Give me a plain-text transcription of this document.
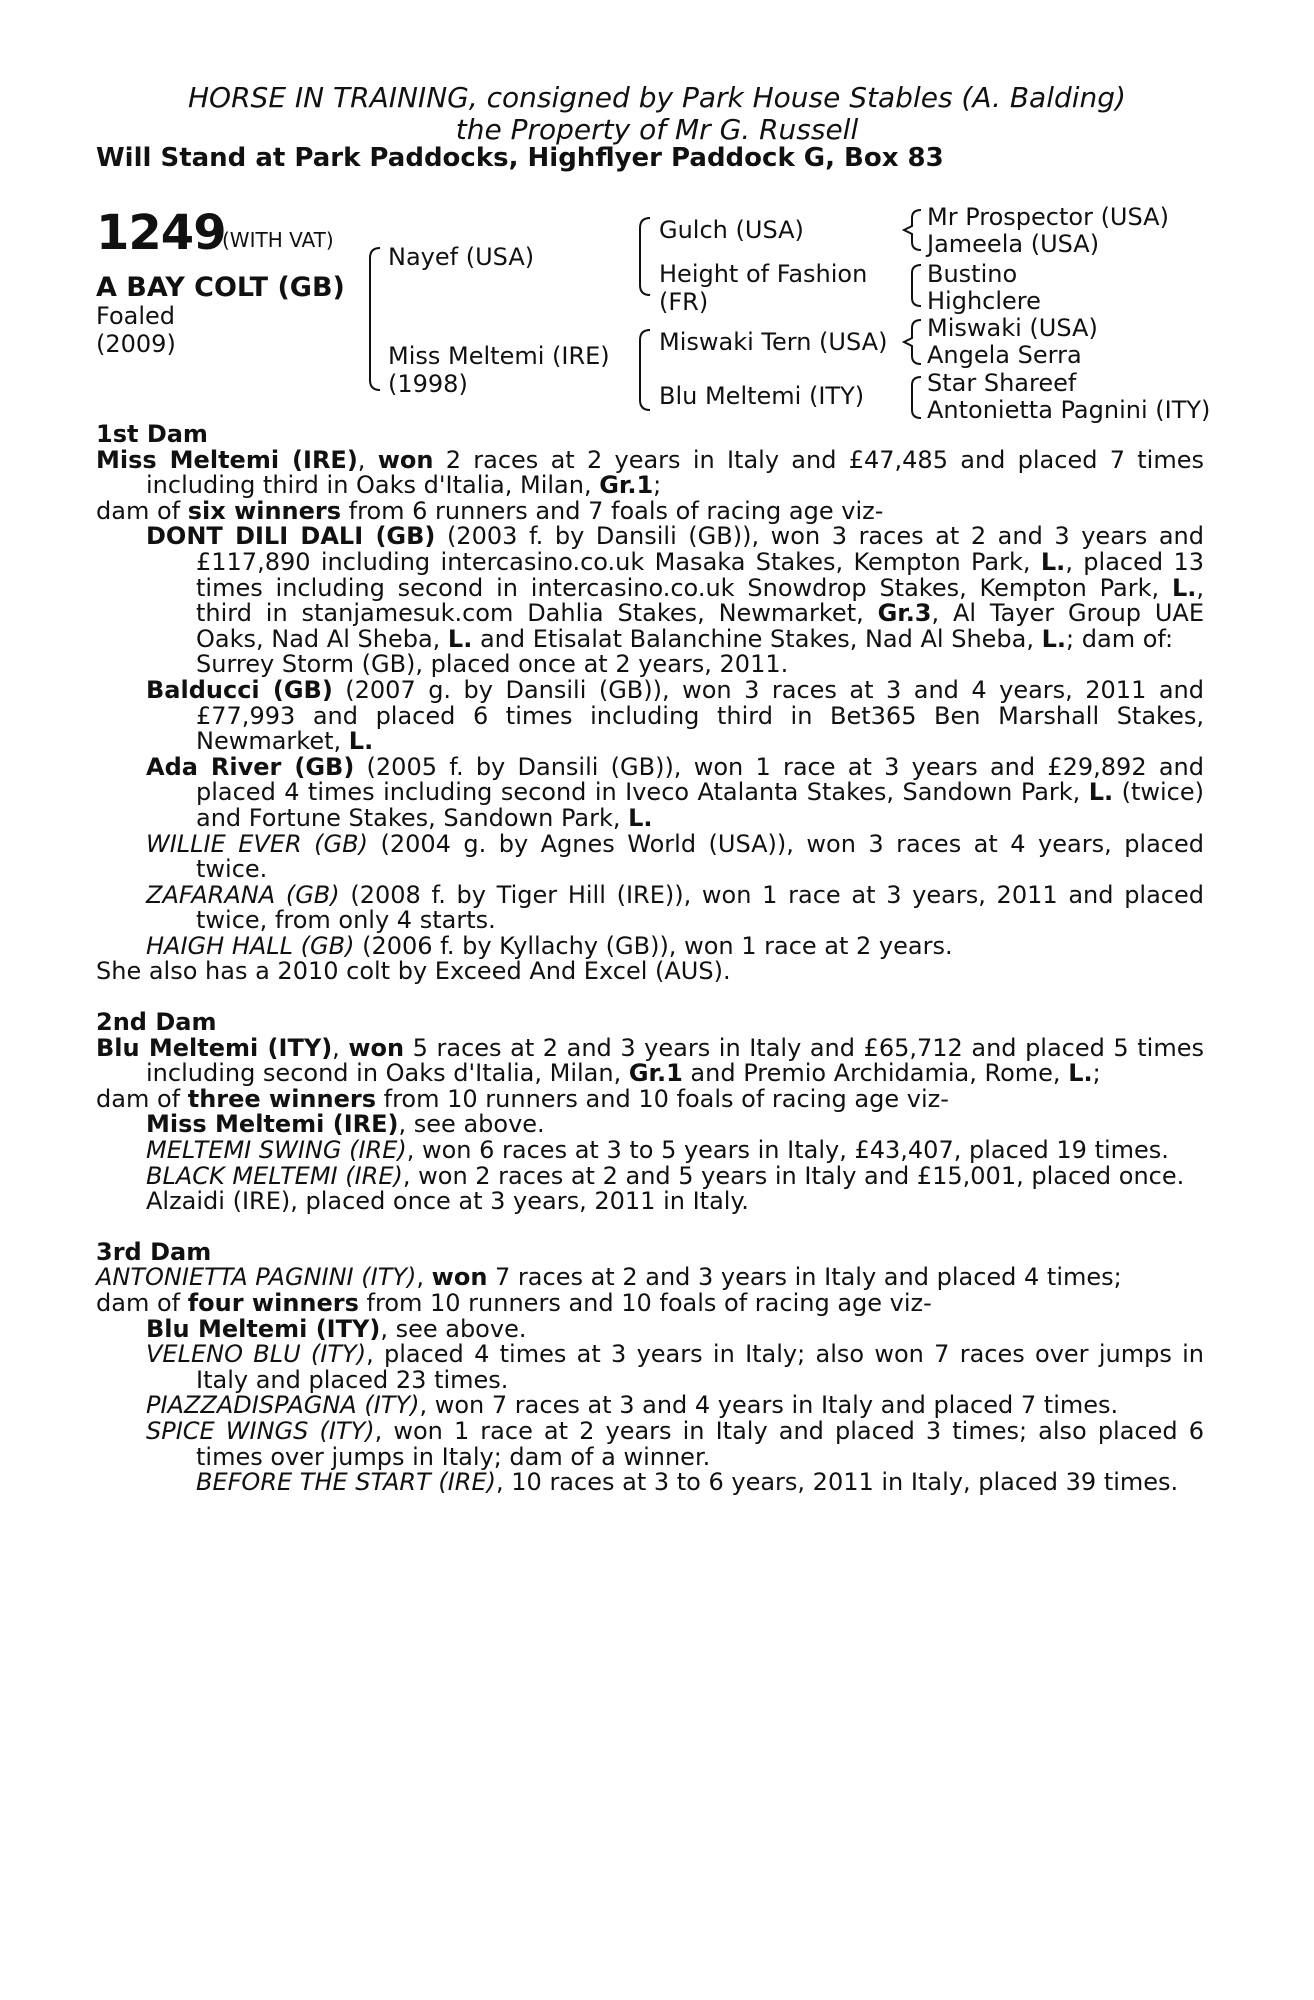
HORSE IN TRAINING, consigned by Park House Stables (A. Balding)
the Property of Mr G. Russell
Will Stand at Park Paddocks, Highflyer Paddock G, Box 83
1249
(WITH VAT)
A BAY COLT (GB)
Foaled
(2009)
Nayef (USA)
Miss Meltemi (IRE)
(1998)
Gulch (USA)
Height of Fashion
(FR)
Miswaki Tern (USA)
Blu Meltemi (ITY)
Mr Prospector (USA)
Jameela (USA)
Bustino
Highclere
Miswaki (USA)
Angela Serra
Star Shareef
Antonietta Pagnini (ITY)
1st Dam
Miss Meltemi (IRE), won 2 races at 2 years in Italy and £47,485 and placed 7 times including third in Oaks d'Italia, Milan, Gr.1;
dam of six winners from 6 runners and 7 foals of racing age viz-
DONT DILI DALI (GB) (2003 f. by Dansili (GB)), won 3 races at 2 and 3 years and £117,890 including intercasino.co.uk Masaka Stakes, Kempton Park, L., placed 13 times including second in intercasino.co.uk Snowdrop Stakes, Kempton Park, L., third in stanjamesuk.com Dahlia Stakes, Newmarket, Gr.3, Al Tayer Group UAE Oaks, Nad Al Sheba, L. and Etisalat Balanchine Stakes, Nad Al Sheba, L.; dam of:
Surrey Storm (GB), placed once at 2 years, 2011.
Balducci (GB) (2007 g. by Dansili (GB)), won 3 races at 3 and 4 years, 2011 and £77,993 and placed 6 times including third in Bet365 Ben Marshall Stakes, Newmarket, L.
Ada River (GB) (2005 f. by Dansili (GB)), won 1 race at 3 years and £29,892 and placed 4 times including second in Iveco Atalanta Stakes, Sandown Park, L. (twice) and Fortune Stakes, Sandown Park, L.
WILLIE EVER (GB) (2004 g. by Agnes World (USA)), won 3 races at 4 years, placed twice.
ZAFARANA (GB) (2008 f. by Tiger Hill (IRE)), won 1 race at 3 years, 2011 and placed twice, from only 4 starts.
HAIGH HALL (GB) (2006 f. by Kyllachy (GB)), won 1 race at 2 years.
She also has a 2010 colt by Exceed And Excel (AUS).
2nd Dam
Blu Meltemi (ITY), won 5 races at 2 and 3 years in Italy and £65,712 and placed 5 times including second in Oaks d'Italia, Milan, Gr.1 and Premio Archidamia, Rome, L.;
dam of three winners from 10 runners and 10 foals of racing age viz-
Miss Meltemi (IRE), see above.
MELTEMI SWING (IRE), won 6 races at 3 to 5 years in Italy, £43,407, placed 19 times.
BLACK MELTEMI (IRE), won 2 races at 2 and 5 years in Italy and £15,001, placed once.
Alzaidi (IRE), placed once at 3 years, 2011 in Italy.
3rd Dam
ANTONIETTA PAGNINI (ITY), won 7 races at 2 and 3 years in Italy and placed 4 times;
dam of four winners from 10 runners and 10 foals of racing age viz-
Blu Meltemi (ITY), see above.
VELENO BLU (ITY), placed 4 times at 3 years in Italy; also won 7 races over jumps in Italy and placed 23 times.
PIAZZADISPAGNA (ITY), won 7 races at 3 and 4 years in Italy and placed 7 times.
SPICE WINGS (ITY), won 1 race at 2 years in Italy and placed 3 times; also placed 6 times over jumps in Italy; dam of a winner.
BEFORE THE START (IRE), 10 races at 3 to 6 years, 2011 in Italy, placed 39 times.
